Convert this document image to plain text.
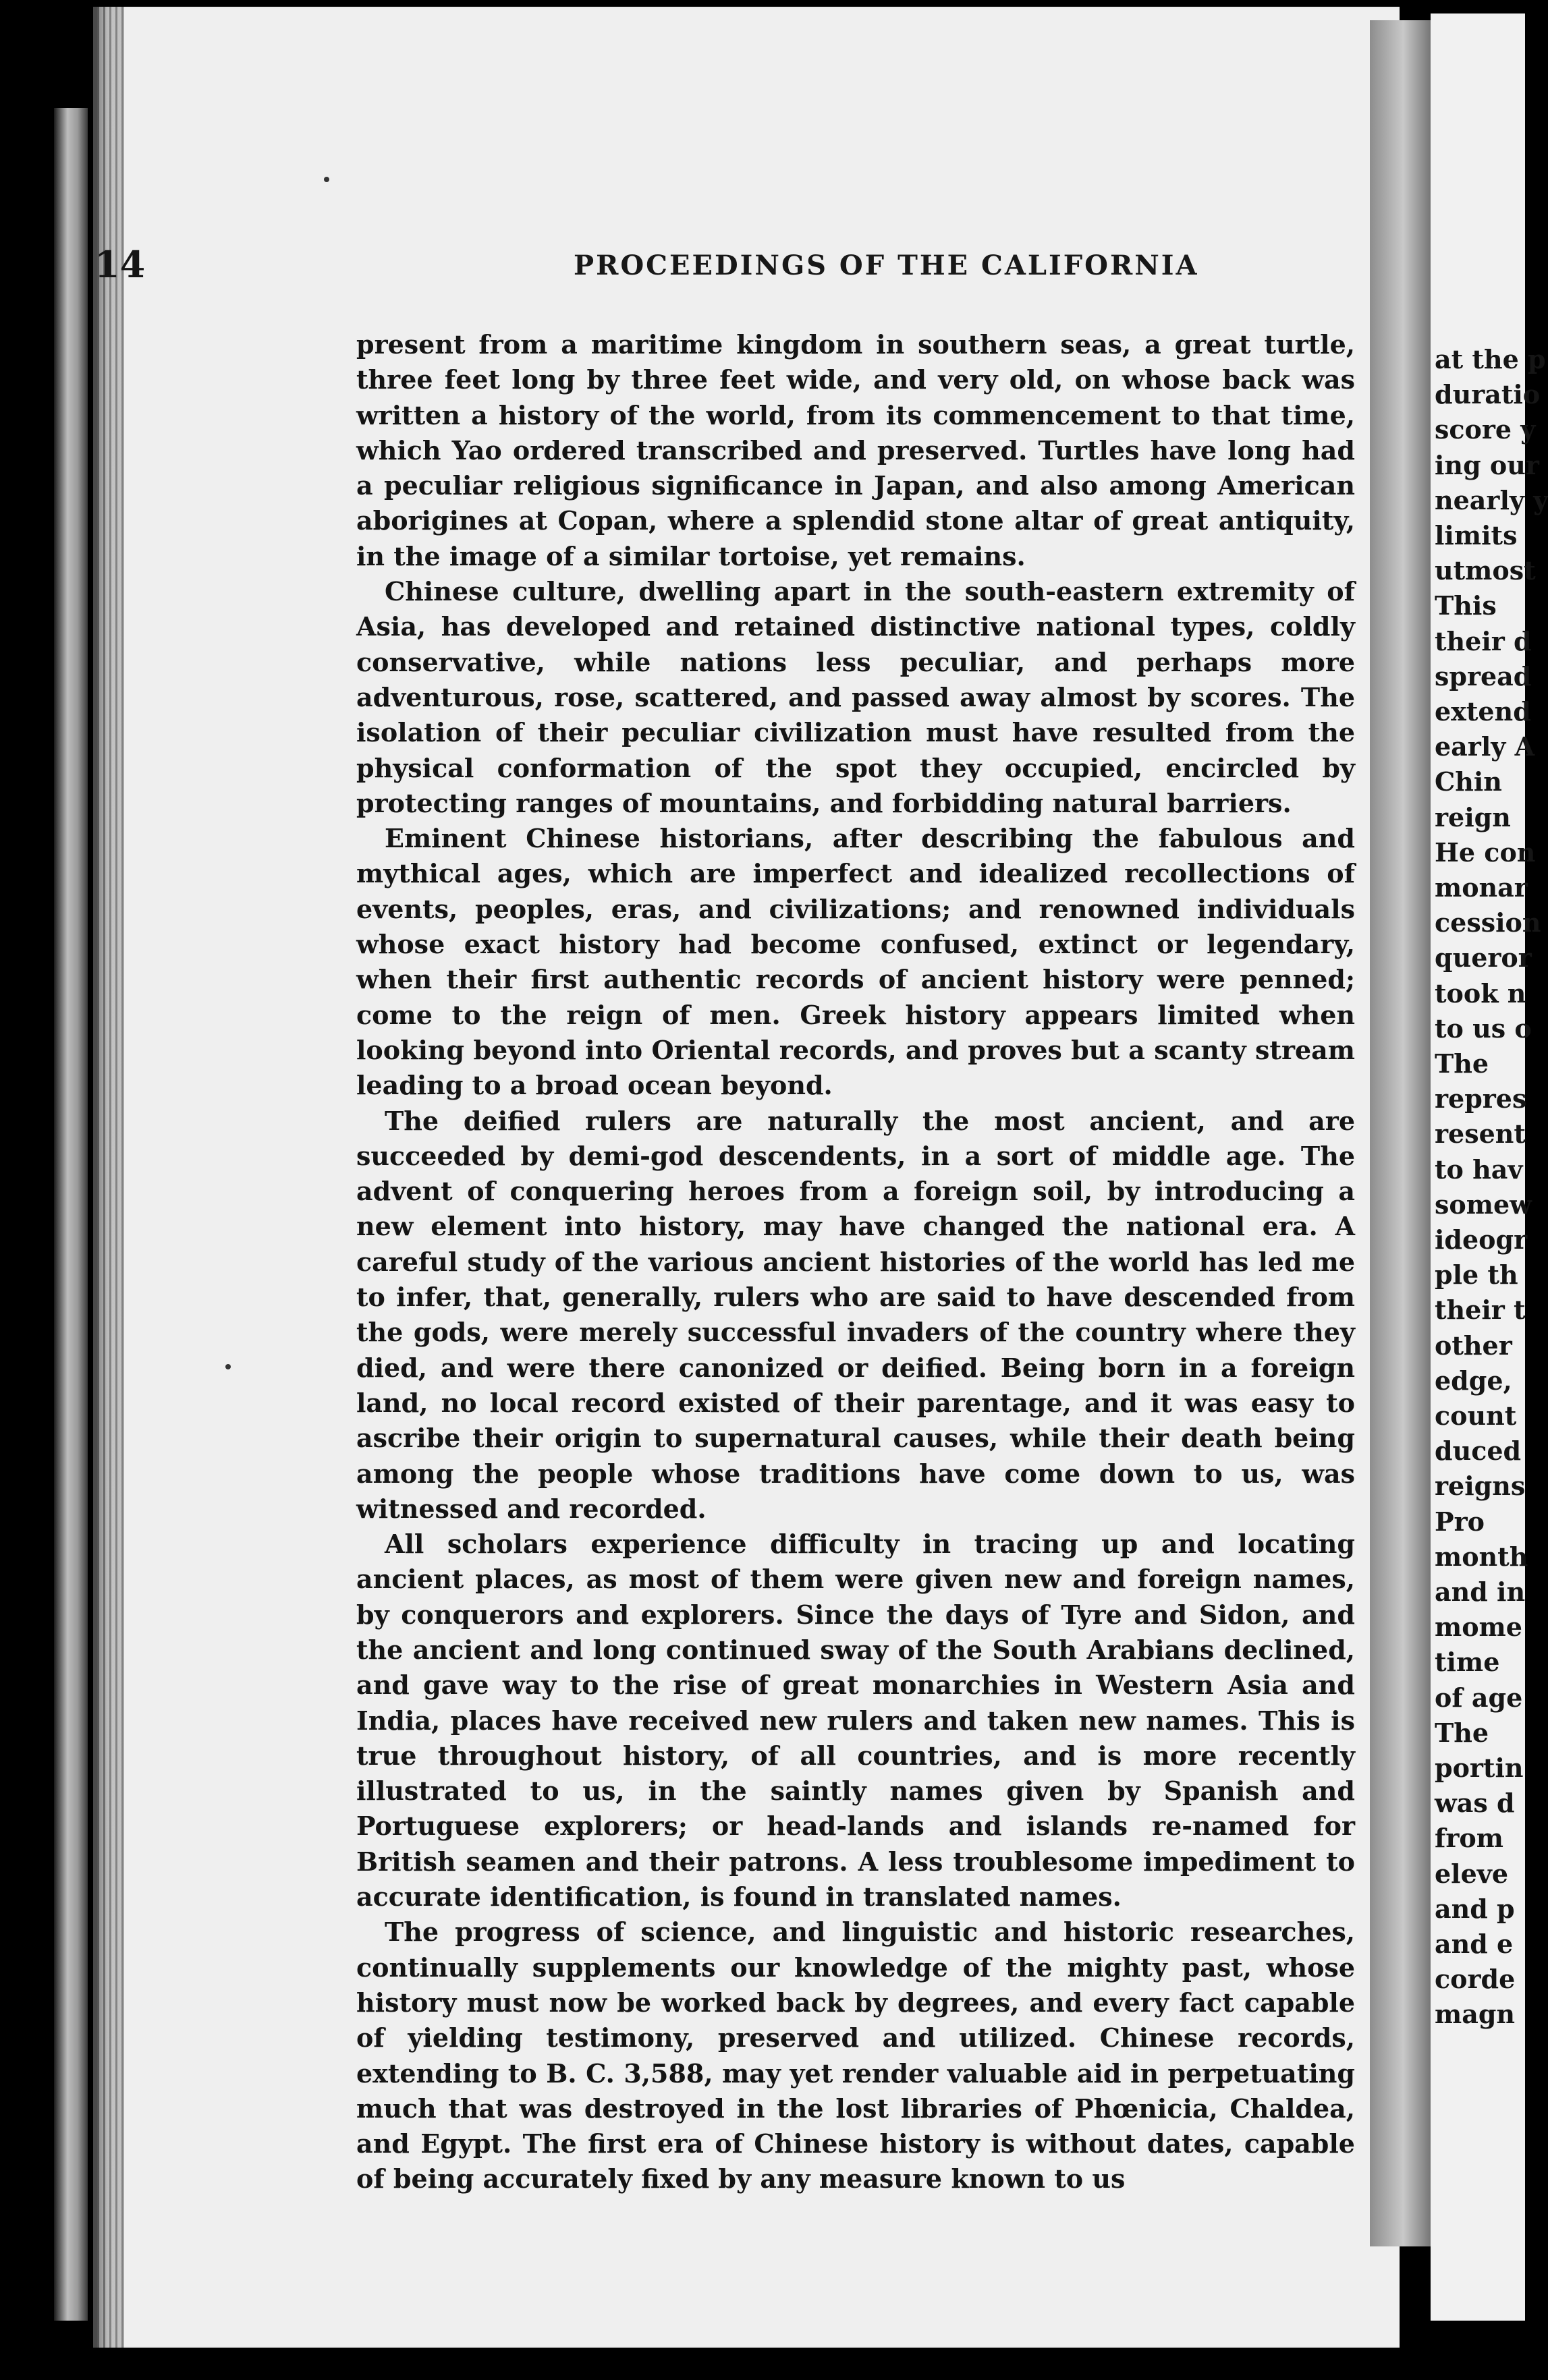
at the p
duratio
score y
ing our
nearly y
limits
utmost
This
their d
spread
extend
early A
Chin
reign
He con
monar
cession
queror
took n
to us o
The
repres
resent
to hav
somew
ideogr
ple th
their t
other
edge,
count
duced
reigns
Pro
month
and in
mome
time
of age
The
portin
was d
from
eleve
and p
and e
corde
magn
14	PROCEEDINGS OF THE CALIFORNIA

present from a maritime kingdom in southern seas, a great turtle, three feet long by three feet wide, and very old, on whose back was written a history of the world, from its commencement to that time, which Yao ordered transcribed and preserved. Turtles have long had a peculiar religious significance in Japan, and also among American aborigines at Copan, where a splendid stone altar of great antiquity, in the image of a similar tortoise, yet remains.

Chinese culture, dwelling apart in the south-eastern extremity of Asia, has developed and retained distinctive national types, coldly conservative, while nations less peculiar, and perhaps more adventurous, rose, scattered, and passed away almost by scores. The isolation of their peculiar civilization must have resulted from the physical conformation of the spot they occupied, encircled by protecting ranges of mountains, and forbidding natural barriers.

Eminent Chinese historians, after describing the fabulous and mythical ages, which are imperfect and idealized recollections of events, peoples, eras, and civilizations; and renowned individuals whose exact history had become confused, extinct or legendary, when their first authentic records of ancient history were penned; come to the reign of men. Greek history appears limited when looking beyond into Oriental records, and proves but a scanty stream leading to a broad ocean beyond.

The deified rulers are naturally the most ancient, and are succeeded by demi-god descendents, in a sort of middle age. The advent of conquering heroes from a foreign soil, by introducing a new element into history, may have changed the national era. A careful study of the various ancient histories of the world has led me to infer, that, generally, rulers who are said to have descended from the gods, were merely successful invaders of the country where they died, and were there canonized or deified. Being born in a foreign land, no local record existed of their parentage, and it was easy to ascribe their origin to supernatural causes, while their death being among the people whose traditions have come down to us, was witnessed and recorded.

All scholars experience difficulty in tracing up and locating ancient places, as most of them were given new and foreign names, by conquerors and explorers. Since the days of Tyre and Sidon, and the ancient and long continued sway of the South Arabians declined, and gave way to the rise of great monarchies in Western Asia and India, places have received new rulers and taken new names. This is true throughout history, of all countries, and is more recently illustrated to us, in the saintly names given by Spanish and Portuguese explorers; or head-lands and islands re-named for British seamen and their patrons. A less troublesome impediment to accurate identification, is found in translated names.

The progress of science, and linguistic and historic researches, continually supplements our knowledge of the mighty past, whose history must now be worked back by degrees, and every fact capable of yielding testimony, preserved and utilized. Chinese records, extending to B. C. 3,588, may yet render valuable aid in perpetuating much that was destroyed in the lost libraries of Phœnicia, Chaldea, and Egypt. The first era of Chinese history is without dates, capable of being accurately fixed by any measure known to us
